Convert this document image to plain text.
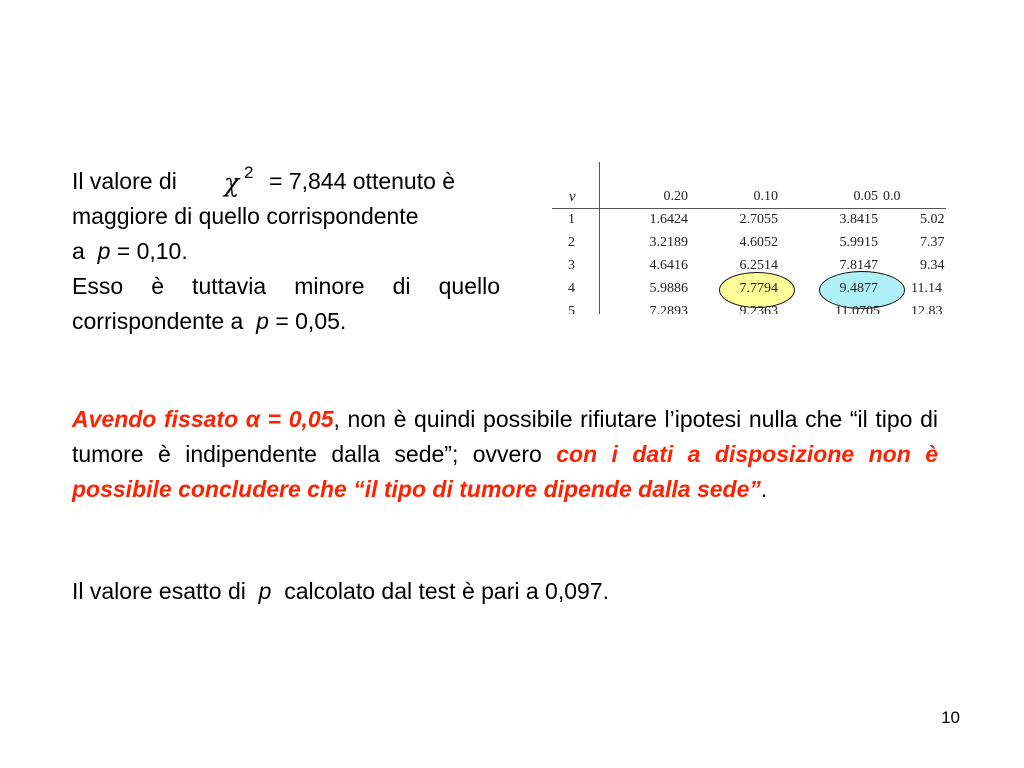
Il valore di χ 2 = 7,844 ottenuto è
maggiore di quello corrispondente
a p = 0,10.
Esso è tuttavia minore di quello
corrispondente a p = 0,05.
ν	0.20	0.10	0.05 0.0
1	1.6424	2.7055	3.8415	5.02
2	3.2189	4.6052	5.9915	7.37
3	4.6416	6.2514	7.8147	9.34
4	5.9886	7.7794	9.4877 11.14
5	7.2893	9.2363	11.0705 12.83
Avendo fissato α = 0,05, non è quindi possibile rifiutare l’ipotesi nulla che “il tipo di tumore è indipendente dalla sede”; ovvero con i dati a disposizione non è possibile concludere che “il tipo di tumore dipende dalla sede”.
Il valore esatto di p calcolato dal test è pari a 0,097.
10
